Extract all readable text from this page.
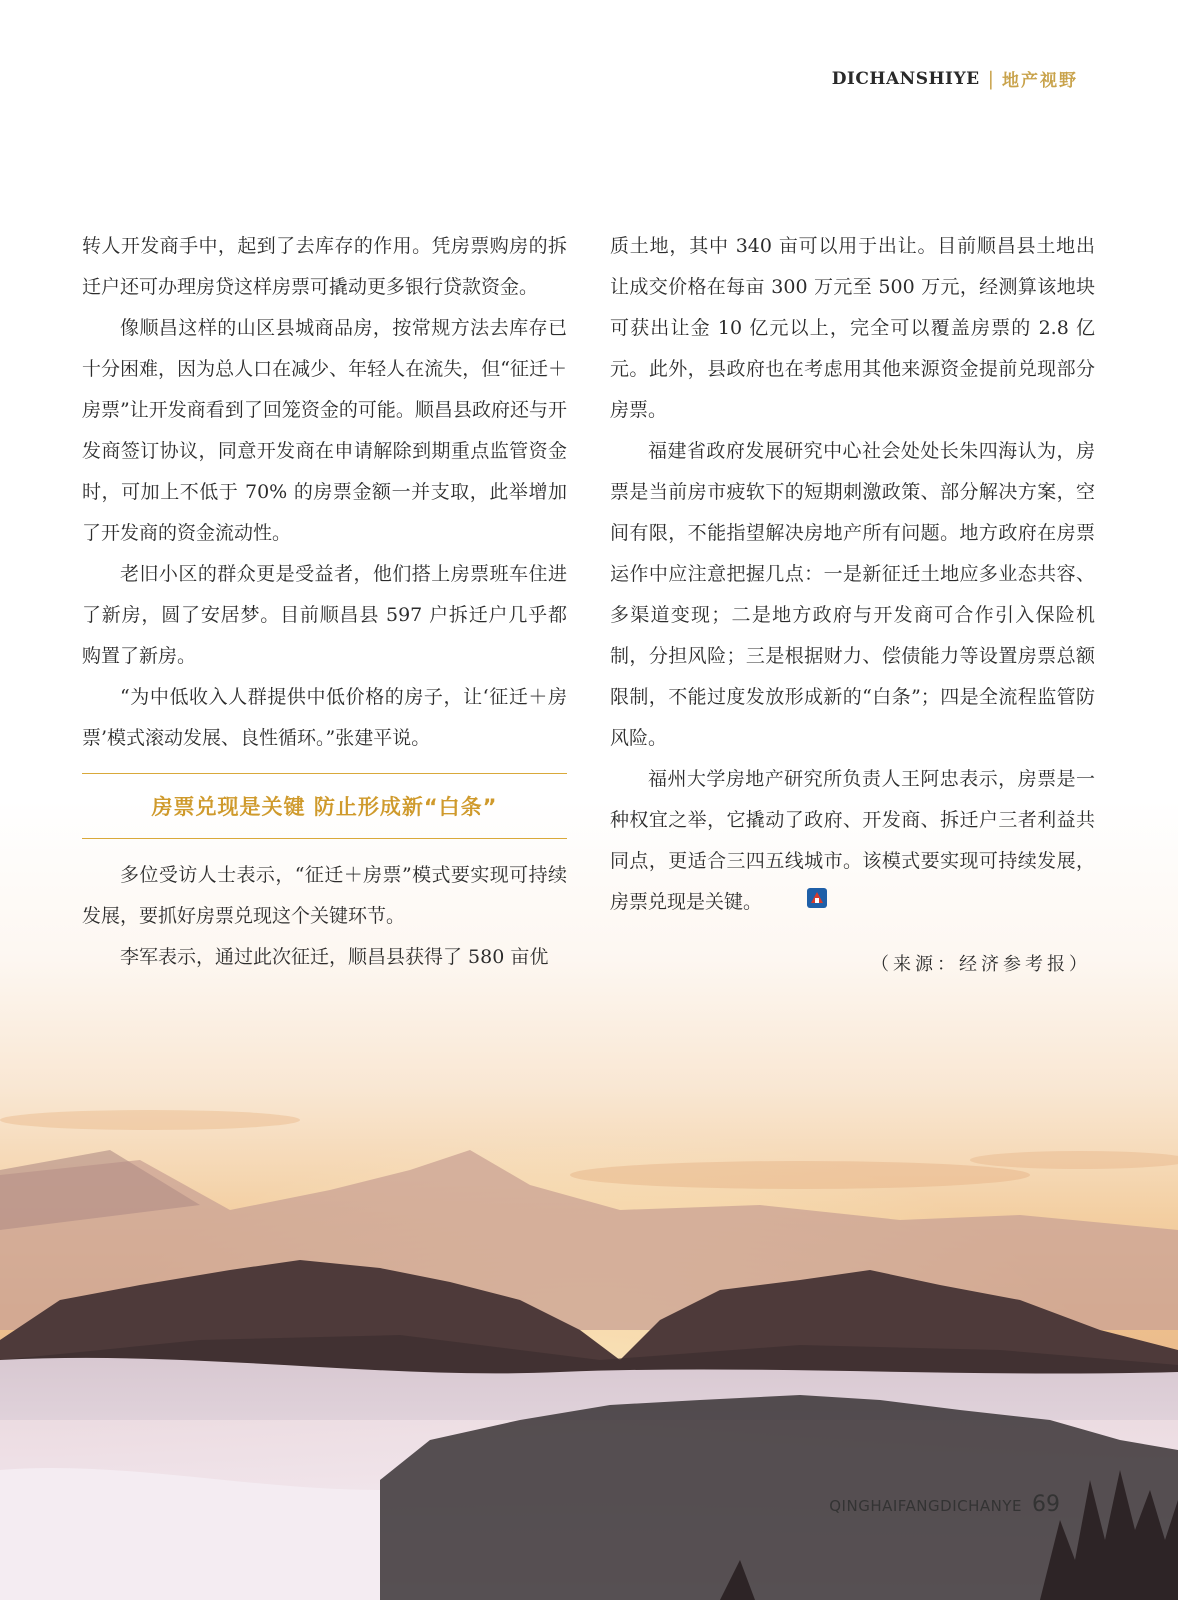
DICHANSHIYE | 地产视野

转人开发商手中，起到了去库存的作用。凭房票购房的拆迁户还可办理房贷这样房票可撬动更多银行贷款资金。

像顺昌这样的山区县城商品房，按常规方法去库存已十分困难，因为总人口在减少、年轻人在流失，但“征迁＋房票”让开发商看到了回笼资金的可能。顺昌县政府还与开发商签订协议，同意开发商在申请解除到期重点监管资金时，可加上不低于 70% 的房票金额一并支取，此举增加了开发商的资金流动性。

老旧小区的群众更是受益者，他们搭上房票班车住进了新房，圆了安居梦。目前顺昌县 597 户拆迁户几乎都购置了新房。

“为中低收入人群提供中低价格的房子，让‘征迁＋房票’模式滚动发展、良性循环。”张建平说。

房票兑现是关键 防止形成新“白条”

多位受访人士表示，“征迁＋房票”模式要实现可持续发展，要抓好房票兑现这个关键环节。

李军表示，通过此次征迁，顺昌县获得了 580 亩优

质土地，其中 340 亩可以用于出让。目前顺昌县土地出让成交价格在每亩 300 万元至 500 万元，经测算该地块可获出让金 10 亿元以上，完全可以覆盖房票的 2.8 亿元。此外，县政府也在考虑用其他来源资金提前兑现部分房票。

福建省政府发展研究中心社会处处长朱四海认为，房票是当前房市疲软下的短期刺激政策、部分解决方案，空间有限，不能指望解决房地产所有问题。地方政府在房票运作中应注意把握几点：一是新征迁土地应多业态共容、多渠道变现；二是地方政府与开发商可合作引入保险机制，分担风险；三是根据财力、偿债能力等设置房票总额限制，不能过度发放形成新的“白条”；四是全流程监管防风险。

福州大学房地产研究所负责人王阿忠表示，房票是一种权宜之举，它撬动了政府、开发商、拆迁户三者利益共同点，更适合三四五线城市。该模式要实现可持续发展，房票兑现是关键。

（来源：经济参考报）
QINGHAIFANGDICHANYE 69
